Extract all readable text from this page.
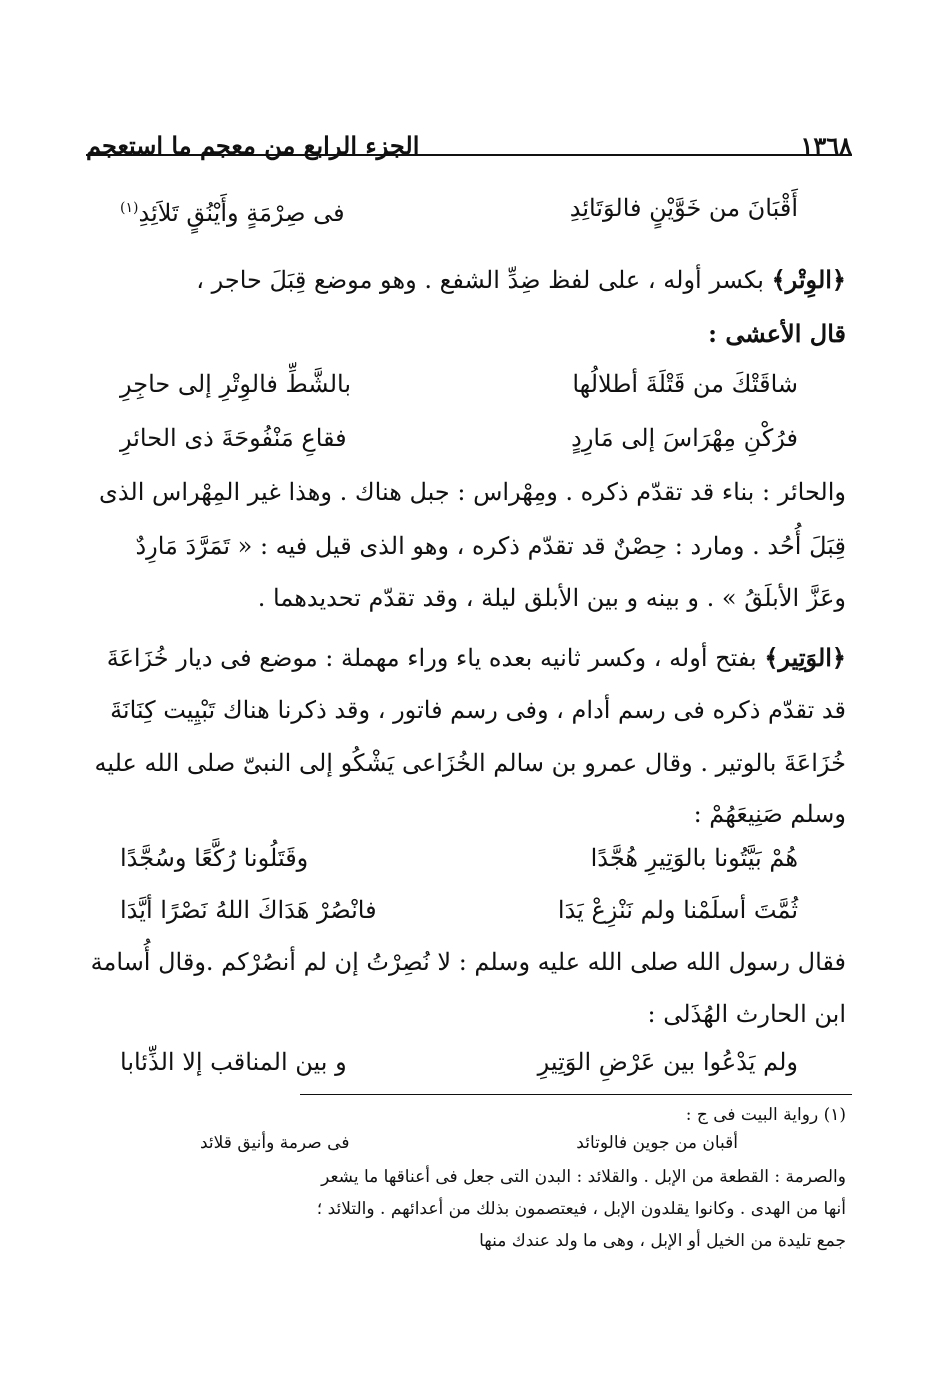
١٣٦٨
الجزء الرابع من معجم ما استعجم
أَقْبَانَ من خَوَّيْنٍ فالوَتَائِدِ
فى صِرْمَةٍ وأَيْنُقٍ تَلاَئِدِ$^{(١)}$
﴿الوِتْر﴾ بكسر أوله ، على لفظ ضِدِّ الشفع . وهو موضع قِبَلَ حاجر ،
قال الأعشى :
شاقَتْكَ من قَتْلَةَ أطلالُها
بالشَّطِّ فالوِتْرِ إلى حاجِرِ
فرُكْنِ مِهْرَاسَ إلى مَارِدٍ
فقاعِ مَنْفُوحَةَ ذى الحائرِ
والحائر : بناء قد تقدّم ذكره . ومِهْراس : جبل هناك . وهذا غير المِهْراس الذى
قِبَلَ أُحُد . ومارد : حِصْنٌ قد تقدّم ذكره ، وهو الذى قيل فيه : « تَمَرَّدَ مَارِدٌ
وعَزَّ الأبلَقُ » . و بينه و بين الأبلق ليلة ، وقد تقدّم تحديدهما .
﴿الوَتِير﴾ بفتح أوله ، وكسر ثانيه بعده ياء وراء مهملة : موضع فى ديار خُزَاعَةَ
قد تقدّم ذكره فى رسم أدام ، وفى رسم فاتور ، وقد ذكرنا هناك تَبْيِيت كِنَانَةَ
خُزَاعَةَ بالوتير . وقال عمرو بن سالم الخُزَاعى يَشْكُو إلى النبىّ صلى الله عليه
وسلم صَنِيعَهُمْ :
هُمْ بَيَّتُونا بالوَتِيرِ هُجَّدًا
وقَتَلُونا رُكَّعًا وسُجَّدًا
ثُمَّتَ أسلَمْنا ولم نَنْزِعْ يَدَا
فانْصُرْ هَدَاكَ اللهُ نَصْرًا أيَّدَا
فقال رسول الله صلى الله عليه وسلم : لا نُصِرْتُ إن لم أنصُرْكم .وقال أُسامة
ابن الحارث الهُذَلى :
ولم يَدْعُوا بين عَرْضِ الوَتِيرِ
و بين المناقب إلا الذِّئابا
(١) رواية البيت فى ج :
أقبان من جوين فالوتائد
فى صرمة وأنيق قلائد
والصرمة : القطعة من الإبل . والقلائد : البدن التى جعل فى أعناقها ما يشعر
أنها من الهدى . وكانوا يقلدون الإبل ، فيعتصمون بذلك من أعدائهم . والتلائد ؛
جمع تليدة من الخيل أو الإبل ، وهى ما ولد عندك منها
